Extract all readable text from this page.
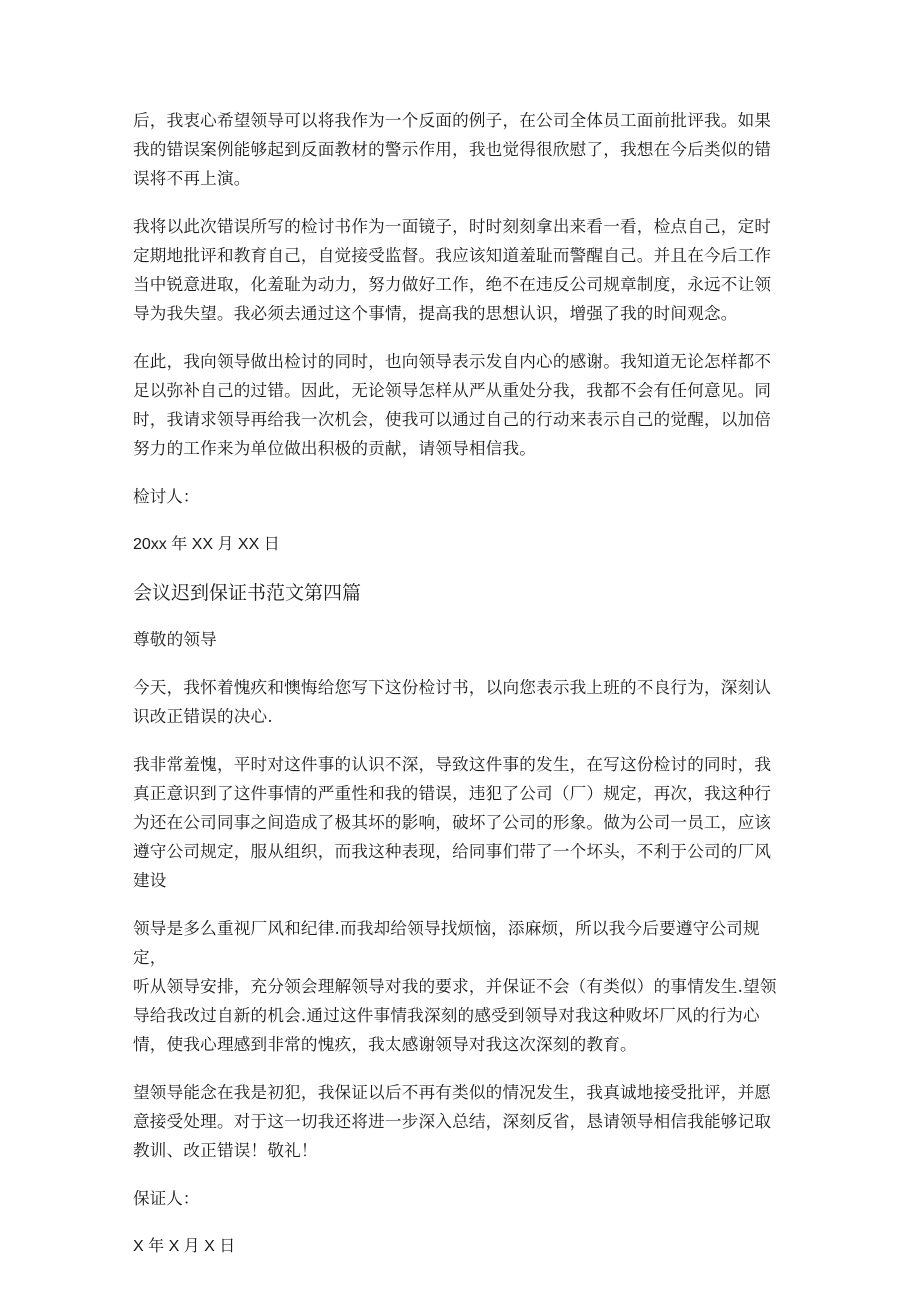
后，我衷心希望领导可以将我作为一个反面的例子，在公司全体员工面前批评我。如果
我的错误案例能够起到反面教材的警示作用，我也觉得很欣慰了，我想在今后类似的错
误将不再上演。

我将以此次错误所写的检讨书作为一面镜子，时时刻刻拿出来看一看，检点自己，定时
定期地批评和教育自己，自觉接受监督。我应该知道羞耻而警醒自己。并且在今后工作
当中锐意进取，化羞耻为动力，努力做好工作，绝不在违反公司规章制度，永远不让领
导为我失望。我必须去通过这个事情，提高我的思想认识，增强了我的时间观念。

在此，我向领导做出检讨的同时，也向领导表示发自内心的感谢。我知道无论怎样都不
足以弥补自己的过错。因此，无论领导怎样从严从重处分我，我都不会有任何意见。同
时，我请求领导再给我一次机会，使我可以通过自己的行动来表示自己的觉醒，以加倍
努力的工作来为单位做出积极的贡献，请领导相信我。

检讨人：

20xx 年 XX 月 XX 日

会议迟到保证书范文第四篇

尊敬的领导

今天，我怀着愧疚和懊悔给您写下这份检讨书，以向您表示我上班的不良行为，深刻认
识改正错误的决心.

我非常羞愧，平时对这件事的认识不深，导致这件事的发生，在写这份检讨的同时，我
真正意识到了这件事情的严重性和我的错误，违犯了公司（厂）规定，再次，我这种行
为还在公司同事之间造成了极其坏的影响，破坏了公司的形象。做为公司一员工，应该
遵守公司规定，服从组织，而我这种表现，给同事们带了一个坏头，不利于公司的厂风
建设

领导是多么重视厂风和纪律.而我却给领导找烦恼，添麻烦，所以我今后要遵守公司规定，
听从领导安排，充分领会理解领导对我的要求，并保证不会（有类似）的事情发生.望领
导给我改过自新的机会.通过这件事情我深刻的感受到领导对我这种败坏厂风的行为心
情，使我心理感到非常的愧疚，我太感谢领导对我这次深刻的教育。

望领导能念在我是初犯，我保证以后不再有类似的情况发生，我真诚地接受批评，并愿
意接受处理。对于这一切我还将进一步深入总结，深刻反省，恳请领导相信我能够记取
教训、改正错误！敬礼！

保证人：

X 年 X 月 X 日
